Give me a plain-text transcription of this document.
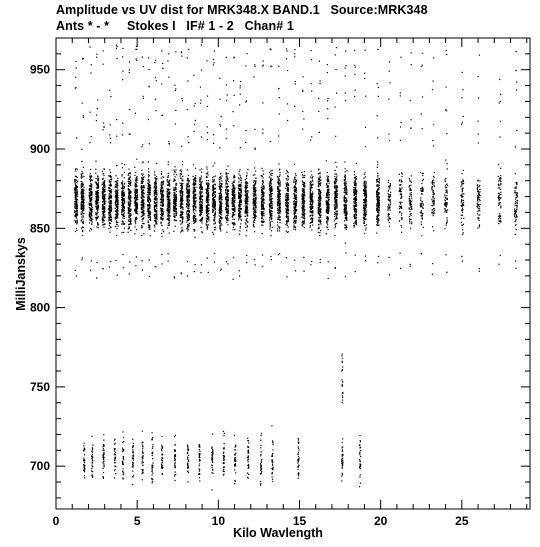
Amplitude vs UV dist for MRK348.X BAND.1   Source:MRK348
Ants * - *     Stokes I   IF# 1 - 2   Chan# 1
0	5	10	15	20	25
700
750
800
850
900
950
Kilo Wavlength
MilliJanskys
